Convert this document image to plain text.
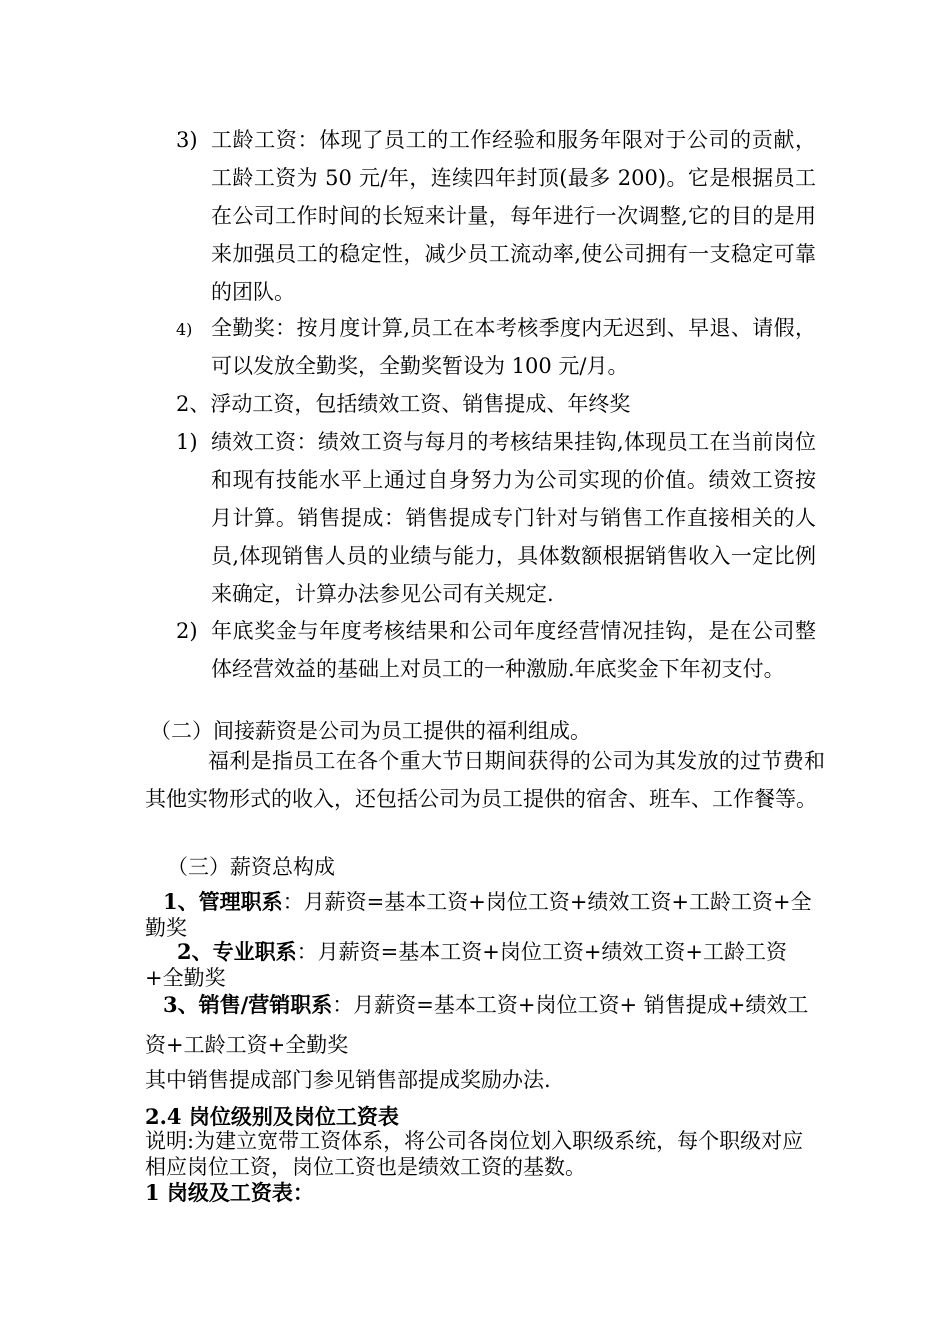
3) 工龄工资：体现了员工的工作经验和服务年限对于公司的贡献，工龄工资为 50 元/年，连续四年封顶(最多 200)。它是根据员工在公司工作时间的长短来计量，每年进行一次调整,它的目的是用来加强员工的稳定性，减少员工流动率,使公司拥有一支稳定可靠的团队。
4) 全勤奖：按月度计算,员工在本考核季度内无迟到、早退、请假，可以发放全勤奖，全勤奖暂设为 100 元/月。
2、浮动工资，包括绩效工资、销售提成、年终奖
1) 绩效工资：绩效工资与每月的考核结果挂钩,体现员工在当前岗位和现有技能水平上通过自身努力为公司实现的价值。绩效工资按月计算。销售提成：销售提成专门针对与销售工作直接相关的人员,体现销售人员的业绩与能力，具体数额根据销售收入一定比例来确定，计算办法参见公司有关规定.
2) 年底奖金与年度考核结果和公司年度经营情况挂钩，是在公司整体经营效益的基础上对员工的一种激励.年底奖金下年初支付。
（二）间接薪资是公司为员工提供的福利组成。
福利是指员工在各个重大节日期间获得的公司为其发放的过节费和其他实物形式的收入，还包括公司为员工提供的宿舍、班车、工作餐等。
（三）薪资总构成
1、管理职系：月薪资=基本工资+岗位工资+绩效工资+工龄工资+全勤奖
2、专业职系：月薪资=基本工资+岗位工资+绩效工资+工龄工资+全勤奖
3、销售/营销职系：月薪资=基本工资+岗位工资+ 销售提成+绩效工资+工龄工资+全勤奖
其中销售提成部门参见销售部提成奖励办法.
2.4 岗位级别及岗位工资表
说明:为建立宽带工资体系，将公司各岗位划入职级系统，每个职级对应相应岗位工资，岗位工资也是绩效工资的基数。
1 岗级及工资表：
